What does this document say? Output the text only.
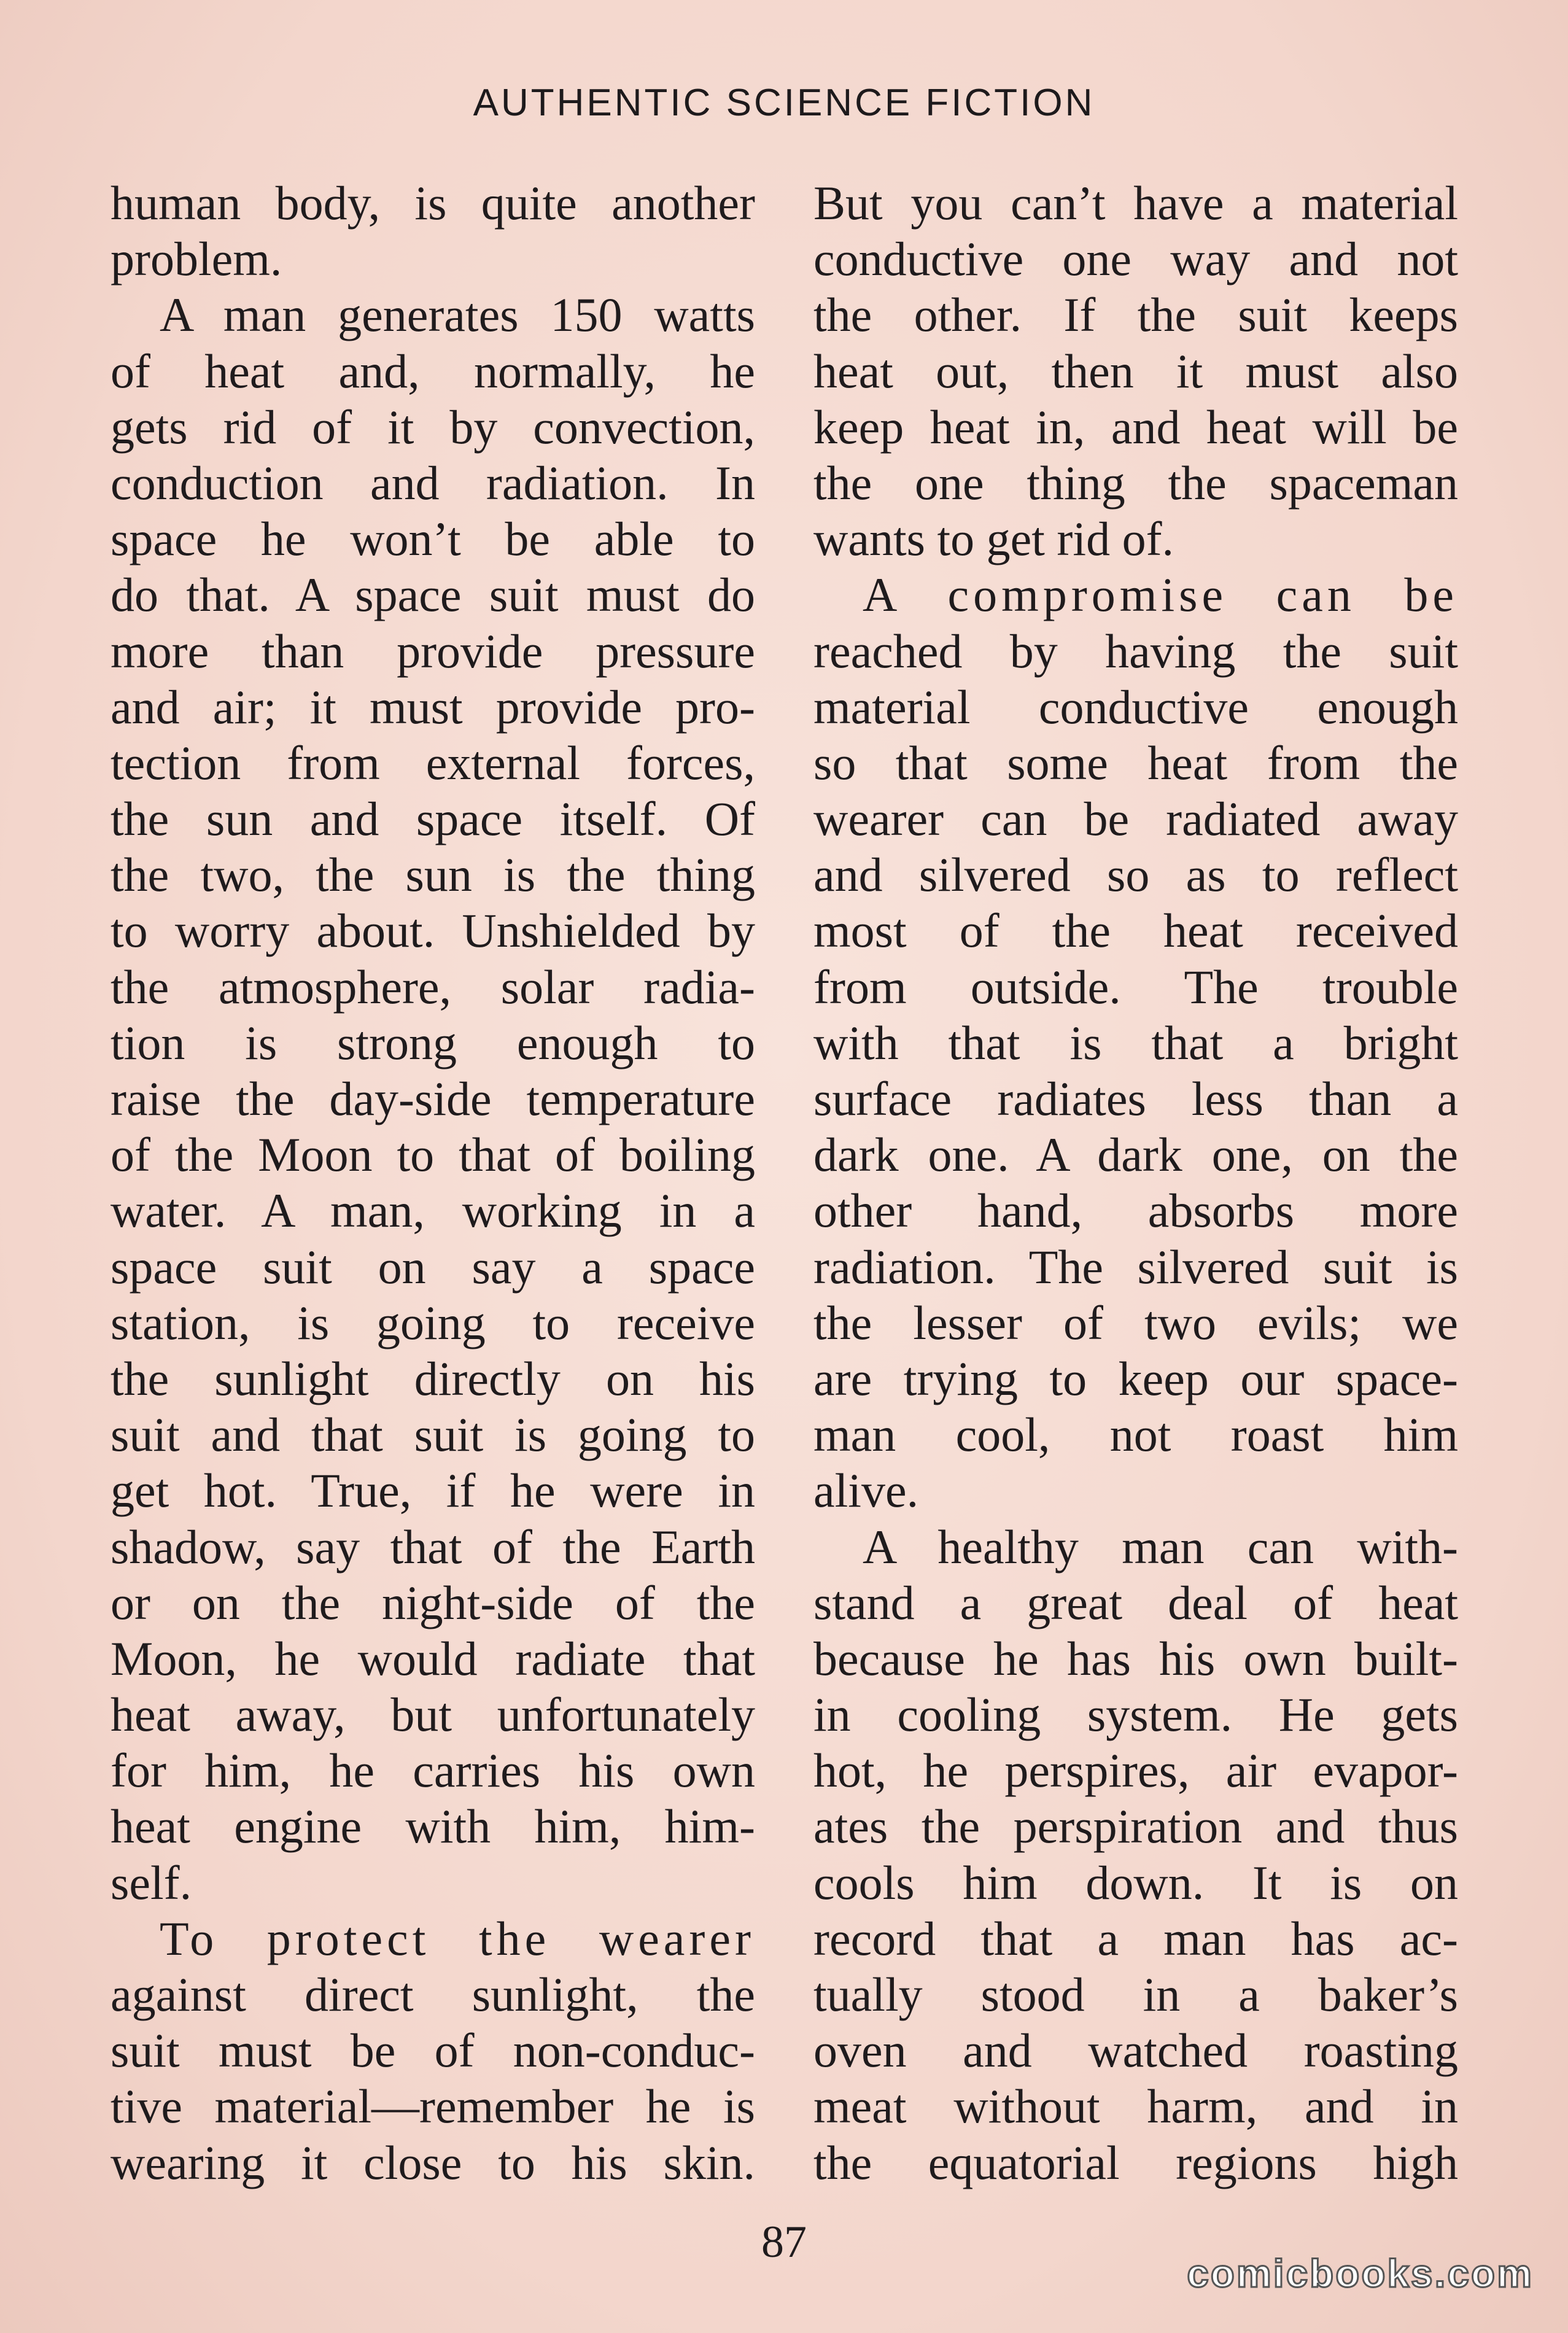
AUTHENTIC SCIENCE FICTION
human body, is quite another
problem.
A man generates 150 watts
of heat and, normally, he
gets rid of it by convection,
conduction and radiation. In
space he won’t be able to
do that. A space suit must do
more than provide pressure
and air; it must provide pro-
tection from external forces,
the sun and space itself. Of
the two, the sun is the thing
to worry about. Unshielded by
the atmosphere, solar radia-
tion is strong enough to
raise the day-side temperature
of the Moon to that of boiling
water. A man, working in a
space suit on say a space
station, is going to receive
the sunlight directly on his
suit and that suit is going to
get hot. True, if he were in
shadow, say that of the Earth
or on the night-side of the
Moon, he would radiate that
heat away, but unfortunately
for him, he carries his own
heat engine with him, him-
self.
To protect the wearer
against direct sunlight, the
suit must be of non-conduc-
tive material—remember he is
wearing it close to his skin.
But you can’t have a material
conductive one way and not
the other. If the suit keeps
heat out, then it must also
keep heat in, and heat will be
the one thing the spaceman
wants to get rid of.
A compromise can be
reached by having the suit
material conductive enough
so that some heat from the
wearer can be radiated away
and silvered so as to reflect
most of the heat received
from outside. The trouble
with that is that a bright
surface radiates less than a
dark one. A dark one, on the
other hand, absorbs more
radiation. The silvered suit is
the lesser of two evils; we
are trying to keep our space-
man cool, not roast him
alive.
A healthy man can with-
stand a great deal of heat
because he has his own built-
in cooling system. He gets
hot, he perspires, air evapor-
ates the perspiration and thus
cools him down. It is on
record that a man has ac-
tually stood in a baker’s
oven and watched roasting
meat without harm, and in
the equatorial regions high
87
comicbooks.com
